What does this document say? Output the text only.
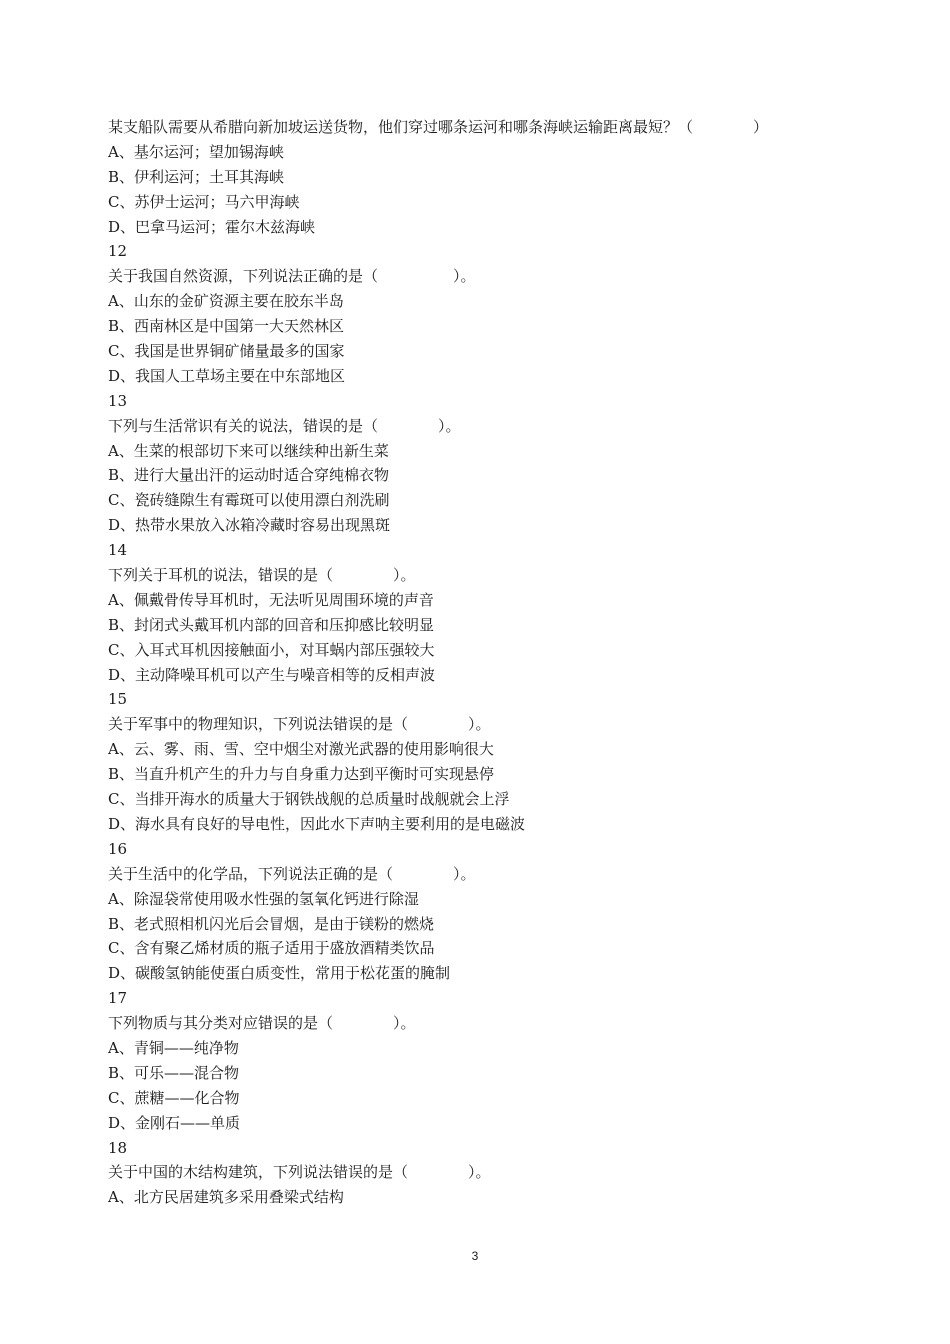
某支船队需要从希腊向新加坡运送货物，他们穿过哪条运河和哪条海峡运输距离最短？（　　　　）
A、基尔运河；望加锡海峡
B、伊利运河；土耳其海峡
C、苏伊士运河；马六甲海峡
D、巴拿马运河；霍尔木兹海峡
12
关于我国自然资源，下列说法正确的是（　　　　　）。
A、山东的金矿资源主要在胶东半岛
B、西南林区是中国第一大天然林区
C、我国是世界铜矿储量最多的国家
D、我国人工草场主要在中东部地区
13
下列与生活常识有关的说法，错误的是（　　　　）。
A、生菜的根部切下来可以继续种出新生菜
B、进行大量出汗的运动时适合穿纯棉衣物
C、瓷砖缝隙生有霉斑可以使用漂白剂洗刷
D、热带水果放入冰箱冷藏时容易出现黑斑
14
下列关于耳机的说法，错误的是（　　　　）。
A、佩戴骨传导耳机时，无法听见周围环境的声音
B、封闭式头戴耳机内部的回音和压抑感比较明显
C、入耳式耳机因接触面小，对耳蜗内部压强较大
D、主动降噪耳机可以产生与噪音相等的反相声波
15
关于军事中的物理知识，下列说法错误的是（　　　　）。
A、云、雾、雨、雪、空中烟尘对激光武器的使用影响很大
B、当直升机产生的升力与自身重力达到平衡时可实现悬停
C、当排开海水的质量大于钢铁战舰的总质量时战舰就会上浮
D、海水具有良好的导电性，因此水下声呐主要利用的是电磁波
16
关于生活中的化学品，下列说法正确的是（　　　　）。
A、除湿袋常使用吸水性强的氢氧化钙进行除湿
B、老式照相机闪光后会冒烟，是由于镁粉的燃烧
C、含有聚乙烯材质的瓶子适用于盛放酒精类饮品
D、碳酸氢钠能使蛋白质变性，常用于松花蛋的腌制
17
下列物质与其分类对应错误的是（　　　　）。
A、青铜——纯净物
B、可乐——混合物
C、蔗糖——化合物
D、金刚石——单质
18
关于中国的木结构建筑，下列说法错误的是（　　　　）。
A、北方民居建筑多采用叠梁式结构
3
